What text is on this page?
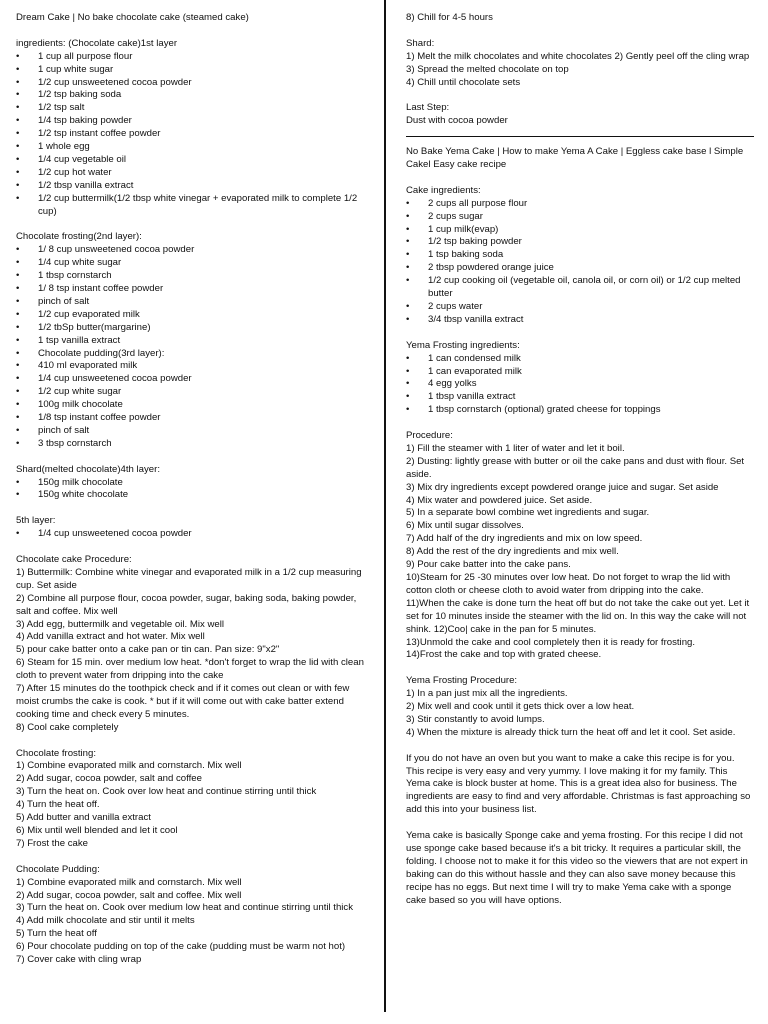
Dream Cake | No bake chocolate cake (steamed cake)

ingredients: (Chocolate cake)1st layer

• 1 cup all purpose flour
• 1 cup white sugar
• 1/2 cup unsweetened cocoa powder
• 1/2 tsp baking soda
• 1/2 tsp salt
• 1/4 tsp baking powder
• 1/2 tsp instant coffee powder
• 1 whole egg
• 1/4 cup vegetable oil
• 1/2 cup hot water
• 1/2 tbsp vanilla extract
• 1/2 cup buttermilk(1/2 tbsp white vinegar + evaporated milk to complete 1/2 cup)

Chocolate frosting(2nd layer):

• 1/ 8 cup unsweetened cocoa powder
• 1/4 cup white sugar
• 1 tbsp cornstarch
• 1/ 8 tsp instant coffee powder
• pinch of salt
• 1/2 cup evaporated milk
• 1/2 tbSp butter(margarine)
• 1 tsp vanilla extract
• Chocolate pudding(3rd layer):
• 410 ml evaporated milk
• 1/4 cup unsweetened cocoa powder
• 1/2 cup white sugar
• 100g milk chocolate
• 1/8 tsp instant coffee powder
• pinch of salt
• 3 tbsp cornstarch

Shard(melted chocolate)4th layer:

• 150g milk chocolate
• 150g white chocolate

5th layer:

• 1/4 cup unsweetened cocoa powder

Chocolate cake Procedure:

1) Buttermilk: Combine white vinegar and evaporated milk in a 1/2 cup measuring cup. Set aside

2) Combine all purpose flour, cocoa powder, sugar, baking soda, baking powder, salt and coffee. Mix well

3) Add egg, buttermilk and vegetable oil. Mix well

4) Add vanilla extract and hot water. Mix well

5) pour cake batter onto a cake pan or tin can. Pan size: 9"x2"

6) Steam for 15 min. over medium low heat. *don't forget to wrap the lid with clean cloth to prevent water from dripping into the cake

7) After 15 minutes do the toothpick check and if it comes out clean or with few moist crumbs the cake is cook. * but if it will come out with cake batter extend cooking time and check every 5 minutes.

8) Cool cake completely

Chocolate frosting:

1) Combine evaporated milk and cornstarch. Mix well

2) Add sugar, cocoa powder, salt and coffee

3) Turn the heat on. Cook over low heat and continue stirring until thick

4) Turn the heat off.

5) Add butter and vanilla extract

6) Mix until well blended and let it cool

7) Frost the cake

Chocolate Pudding:

1) Combine evaporated milk and cornstarch. Mix well

2) Add sugar, cocoa powder, salt and coffee. Mix well

3) Turn the heat on. Cook over medium low heat and continue stirring until thick

4) Add milk chocolate and stir until it melts

5) Turn the heat off

6) Pour chocolate pudding on top of the cake (pudding must be warm not hot)

7) Cover cake with cling wrap

8) Chill for 4-5 hours

Shard:

1) Melt the milk chocolates and white chocolates 2) Gently peel off the cling wrap

3) Spread the melted chocolate on top

4) Chill until chocolate sets

Last Step:

Dust with cocoa powder

No Bake Yema Cake | How to make Yema A Cake | Eggless cake base l Simple Cakel Easy cake recipe

Cake ingredients:

• 2 cups all purpose flour
• 2 cups sugar
• 1 cup milk(evap)
• 1/2 tsp baking powder
• 1 tsp baking soda
• 2 tbsp powdered orange juice
• 1/2 cup cooking oil (vegetable oil, canola oil, or corn oil) or 1/2 cup melted butter
• 2 cups water
• 3/4 tbsp vanilla extract

Yema Frosting ingredients:

• 1 can condensed milk
• 1 can evaporated milk
• 4 egg yolks
• 1 tbsp vanilla extract
• 1 tbsp cornstarch (optional) grated cheese for toppings

Procedure:

1) Fill the steamer with 1 liter of water and let it boil.

2) Dusting: lightly grease with butter or oil the cake pans and dust with flour. Set aside.

3) Mix dry ingredients except powdered orange juice and sugar. Set aside

4) Mix water and powdered juice. Set aside.

5) In a separate bowl combine wet ingredients and sugar.

6) Mix until sugar dissolves.

7) Add half of the dry ingredients and mix on low speed.

8) Add the rest of the dry ingredients and mix well.

9) Pour cake batter into the cake pans.

10)Steam for 25 -30 minutes over low heat. Do not forget to wrap the lid with cotton cloth or cheese cloth to avoid water from dripping into the cake.

11)When the cake is done turn the heat off but do not take the cake out yet. Let it set for 10 minutes inside the steamer with the lid on. In this way the cake will not shink. 12)Coo| cake in the pan for 5 minutes.

13)Unmold the cake and cool completely then it is ready for frosting.

14)Frost the cake and top with grated cheese.

Yema Frosting Procedure:

1) In a pan just mix all the ingredients.

2) Mix well and cook until it gets thick over a low heat.

3) Stir constantly to avoid lumps.

4) When the mixture is already thick turn the heat off and let it cool. Set aside.

If you do not have an oven but you want to make a cake this recipe is for you. This recipe is very easy and very yummy. I love making it for my family. This Yema cake is block buster at home. This is a great idea also for business. The ingredients are easy to find and very affordable. Christmas is fast approaching so add this into your business list.

Yema cake is basically Sponge cake and yema frosting. For this recipe I did not use sponge cake based because it's a bit tricky. It requires a particular skill, the folding. I choose not to make it for this video so the viewers that are not expert in baking can do this without hassle and they can also save money because this recipe has no eggs. But next time I will try to make Yema cake with a sponge cake based so you will have options.
